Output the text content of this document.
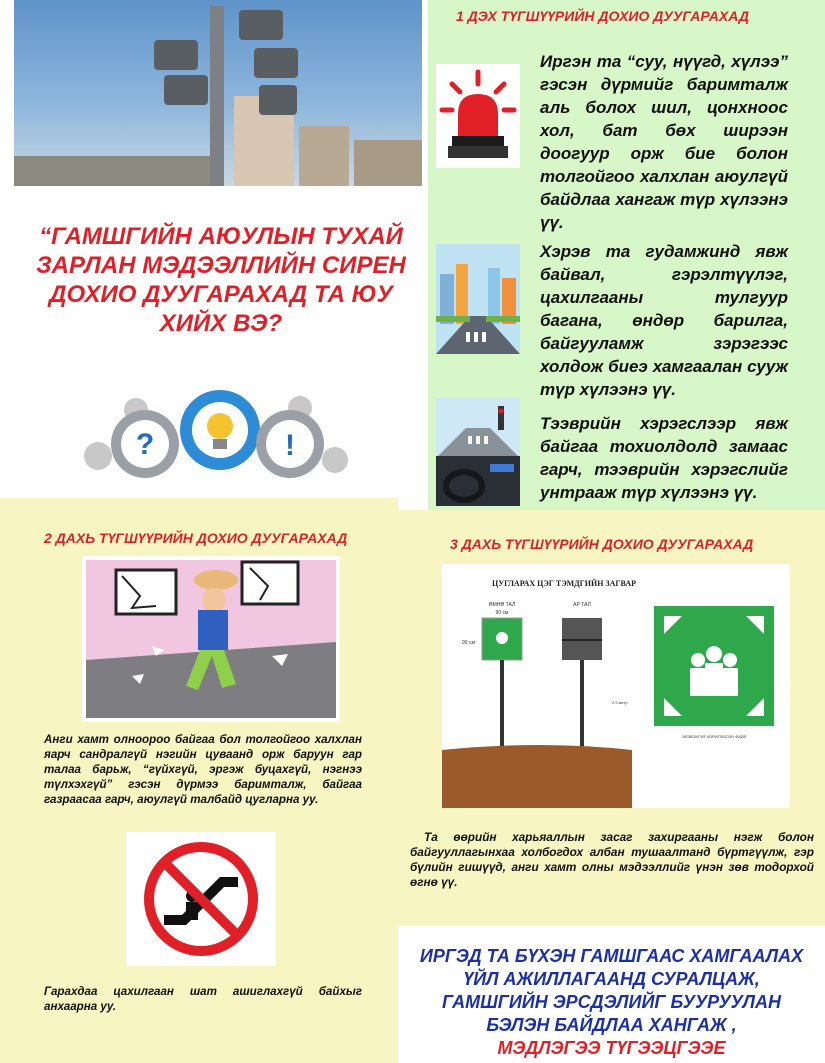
“ГАМШГИЙН АЮУЛЫН ТУХАЙ ЗАРЛАН МЭДЭЭЛЛИЙН СИРЕН ДОХИО ДУУГАРАХАД ТА ЮУ ХИЙХ ВЭ?
?	!
1 ДЭХ ТҮГШҮҮРИЙН ДОХИО ДУУГАРАХАД
Иргэн та “суу, нүүгд, хүлээ” гэсэн дүрмийг баримталж аль болох шил, цонхноос хол, бат бөх ширээн доогуур орж бие болон толгойгоо халхлан аюулгүй байдлаа хангаж түр хүлээнэ үү.
Хэрэв та гудамжинд явж байвал, гэрэлтүүлэг, цахилгааны тулгуур багана, өндөр барилга, байгууламж зэрэгээс холдож биеэ хамгаалан сууж түр хүлээнэ үү.
Тээврийн хэрэгслээр явж байгаа тохиолдолд замаас гарч, тээврийн хэрэгслийг унтрааж түр хүлээнэ үү.
2 ДАХЬ ТҮГШҮҮРИЙН ДОХИО ДУУГАРАХАД
Анги хамт олноороо байгаа бол толгойгоо халхлан яарч сандралгүй нэгийн цуваанд орж баруун гар талаа барьж, “гүйхгүй, эргэж буцахгүй, нэгнээ түлхэхгүй” гэсэн дүрмээ баримталж, байгаа газраасаа гарч, аюулгүй талбайд цугларна уу.
Гарахдаа цахилгаан шат ашиглахгүй байхыг анхаарна уу.
3 ДАХЬ ТҮГШҮҮРИЙН ДОХИО ДУУГАРАХАД
ЦУГЛАРАХ ЦЭГ ТЭМДГИЙН ЗАГВАР
ӨМНӨ ТАЛ	АР ТАЛ
90 см
90 см
2.5 метр
ЭЛЭВЭХГҮЙ ХОРИГЛОСОН ФАЙЛ
Та өөрийн харьяаллын засаг захиргааны нэгж болон байгууллагынхаа холбогдох албан тушаалтанд бүртгүүлж, гэр бүлийн гишүүд, анги хамт олны мэдээллийг үнэн зөв тодорхой өгнө үү.
ИРГЭД ТА БҮХЭН ГАМШГААС ХАМГААЛАХ ҮЙЛ АЖИЛЛАГААНД СУРАЛЦАЖ, ГАМШГИЙН ЭРСДЭЛИЙГ БУУРУУЛАН БЭЛЭН БАЙДЛАА ХАНГАЖ ,
МЭДЛЭГЭЭ ТҮГЭЭЦГЭЭЕ
